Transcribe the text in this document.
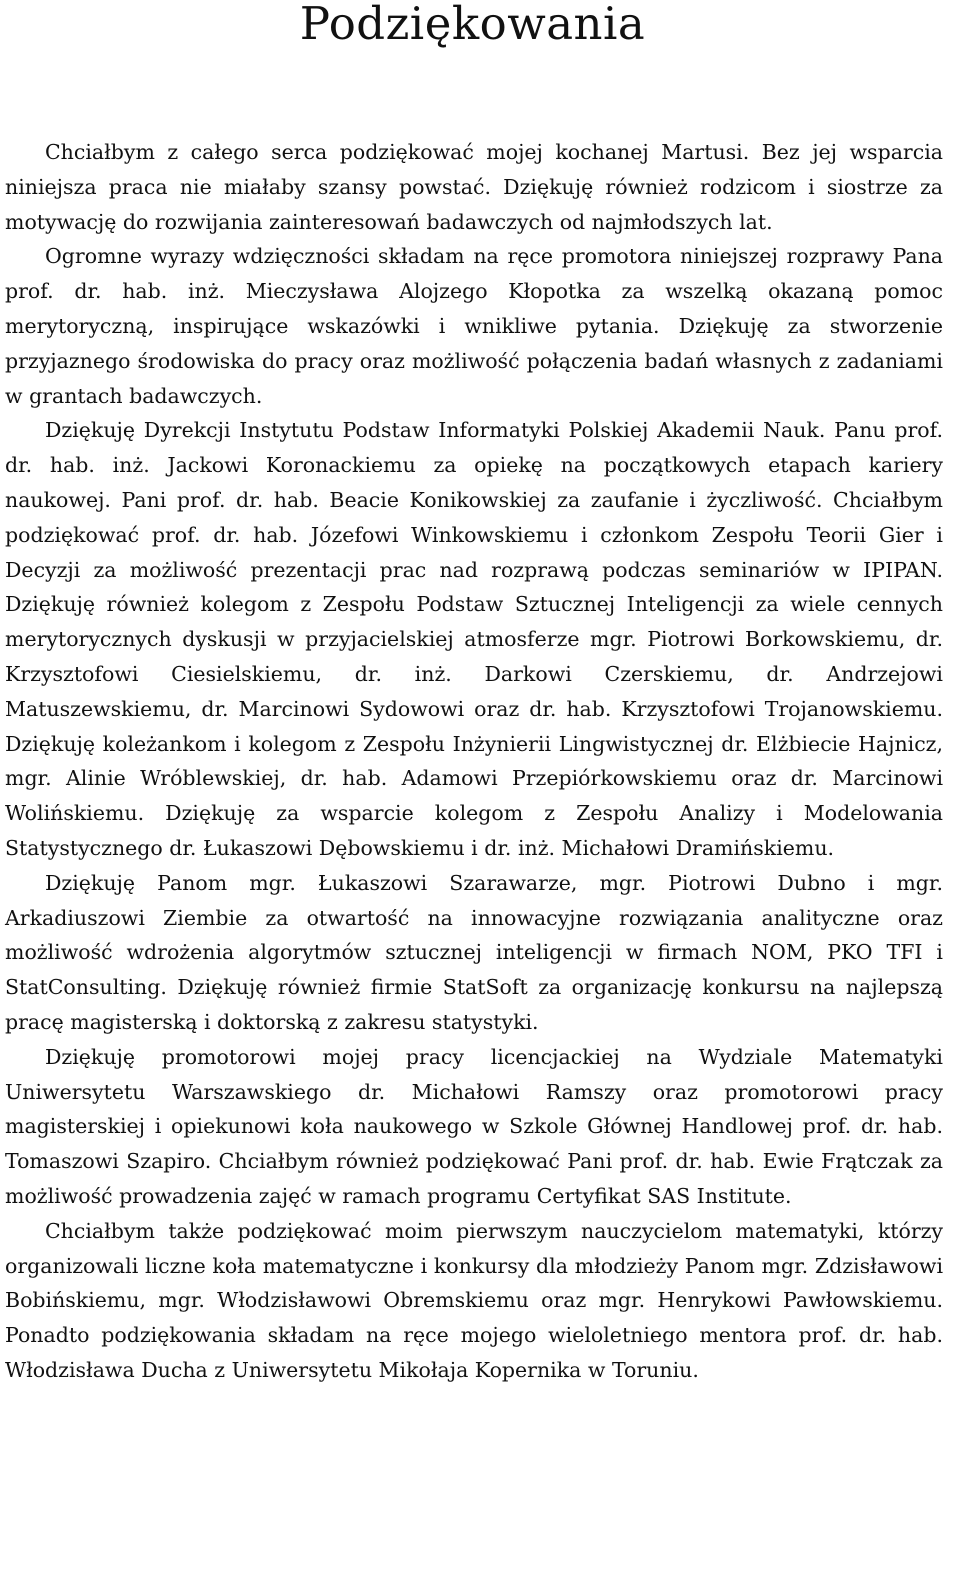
Podziękowania

Chciałbym z całego serca podziękować mojej kochanej Martusi. Bez jej wsparcia niniejsza praca nie miałaby szansy powstać. Dziękuję również rodzicom i siostrze za motywację do rozwijania zainteresowań badawczych od najmłodszych lat.

Ogromne wyrazy wdzięczności składam na ręce promotora niniejszej rozprawy Pana prof. dr. hab. inż. Mieczysława Alojzego Kłopotka za wszelką okazaną pomoc merytoryczną, inspirujące wskazówki i wnikliwe pytania. Dziękuję za stworzenie przyjaznego środowiska do pracy oraz możliwość połączenia badań własnych z zadaniami w grantach badawczych.

Dziękuję Dyrekcji Instytutu Podstaw Informatyki Polskiej Akademii Nauk. Panu prof. dr. hab. inż. Jackowi Koronackiemu za opiekę na początkowych etapach kariery naukowej. Pani prof. dr. hab. Beacie Konikowskiej za zaufanie i życzliwość. Chciałbym podziękować prof. dr. hab. Józefowi Winkowskiemu i członkom Zespołu Teorii Gier i Decyzji za możliwość prezentacji prac nad rozprawą podczas seminariów w IPIPAN. Dziękuję również kolegom z Zespołu Podstaw Sztucznej Inteligencji za wiele cennych merytorycznych dyskusji w przyjacielskiej atmosferze mgr. Piotrowi Borkowskiemu, dr. Krzysztofowi Ciesielskiemu, dr. inż. Darkowi Czerskiemu, dr. Andrzejowi Matuszewskiemu, dr. Marcinowi Sydowowi oraz dr. hab. Krzysztofowi Trojanowskiemu. Dziękuję koleżankom i kolegom z Zespołu Inżynierii Lingwistycznej dr. Elżbiecie Hajnicz, mgr. Alinie Wróblewskiej, dr. hab. Adamowi Przepiórkowskiemu oraz dr. Marcinowi Wolińskiemu. Dziękuję za wsparcie kolegom z Zespołu Analizy i Modelowania Statystycznego dr. Łukaszowi Dębowskiemu i dr. inż. Michałowi Dramińskiemu.

Dziękuję Panom mgr. Łukaszowi Szarawarze, mgr. Piotrowi Dubno i mgr. Arkadiuszowi Ziembie za otwartość na innowacyjne rozwiązania analityczne oraz możliwość wdrożenia algorytmów sztucznej inteligencji w firmach NOM, PKO TFI i StatConsulting. Dziękuję również firmie StatSoft za organizację konkursu na najlepszą pracę magisterską i doktorską z zakresu statystyki.

Dziękuję promotorowi mojej pracy licencjackiej na Wydziale Matematyki Uniwersytetu Warszawskiego dr. Michałowi Ramszy oraz promotorowi pracy magisterskiej i opiekunowi koła naukowego w Szkole Głównej Handlowej prof. dr. hab. Tomaszowi Szapiro. Chciałbym również podziękować Pani prof. dr. hab. Ewie Frątczak za możliwość prowadzenia zajęć w ramach programu Certyfikat SAS Institute.

Chciałbym także podziękować moim pierwszym nauczycielom matematyki, którzy organizowali liczne koła matematyczne i konkursy dla młodzieży Panom mgr. Zdzisławowi Bobińskiemu, mgr. Włodzisławowi Obremskiemu oraz mgr. Henrykowi Pawłowskiemu. Ponadto podziękowania składam na ręce mojego wieloletniego mentora prof. dr. hab. Włodzisława Ducha z Uniwersytetu Mikołaja Kopernika w Toruniu.
